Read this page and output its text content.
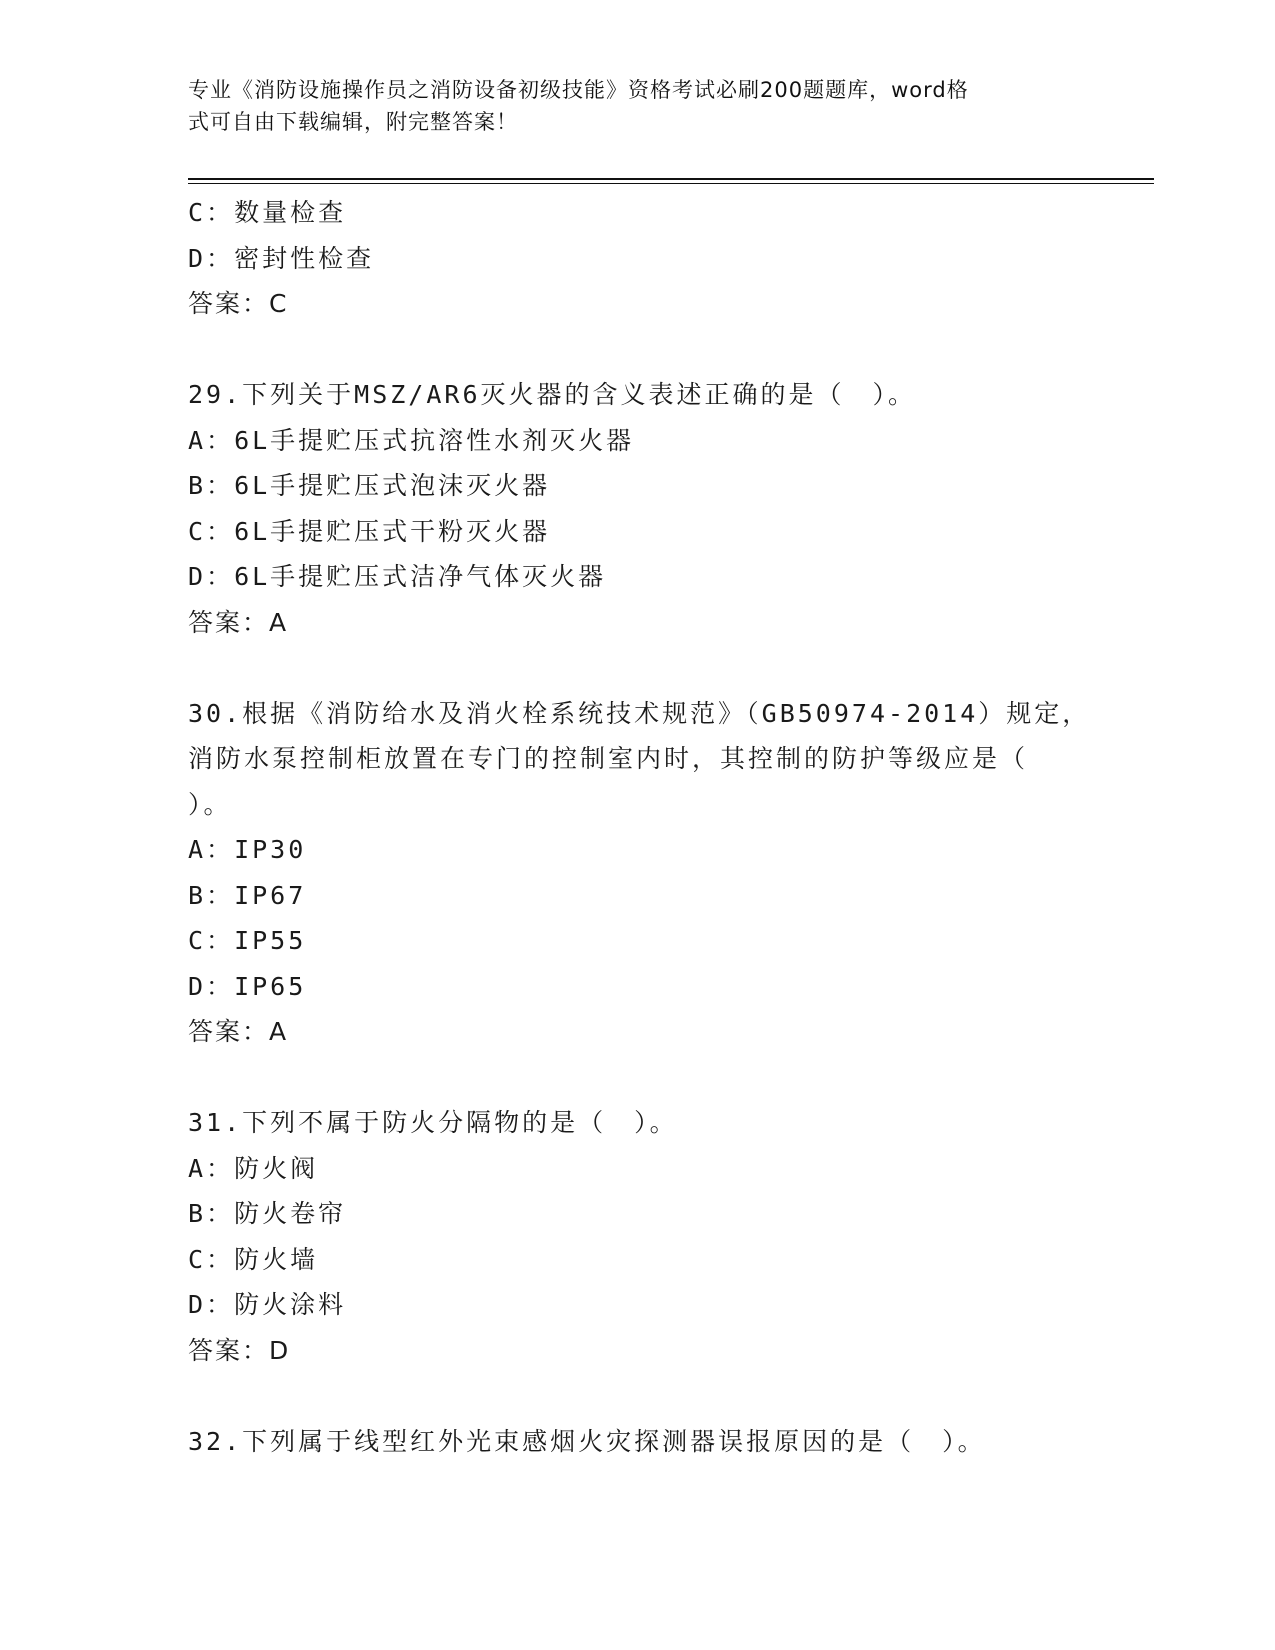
专业《消防设施操作员之消防设备初级技能》资格考试必刷200题题库，word格
式可自由下载编辑，附完整答案！
C：数量检查
D：密封性检查
答案：C
29.下列关于MSZ/AR6灭火器的含义表述正确的是（　）。
A：6L手提贮压式抗溶性水剂灭火器
B：6L手提贮压式泡沫灭火器
C：6L手提贮压式干粉灭火器
D：6L手提贮压式洁净气体灭火器
答案：A
30.根据《消防给水及消火栓系统技术规范》（GB50974-2014）规定，
消防水泵控制柜放置在专门的控制室内时，其控制的防护等级应是（
）。
A：IP30
B：IP67
C：IP55
D：IP65
答案：A
31.下列不属于防火分隔物的是（　）。
A：防火阀
B：防火卷帘
C：防火墙
D：防火涂料
答案：D
32.下列属于线型红外光束感烟火灾探测器误报原因的是（　）。
